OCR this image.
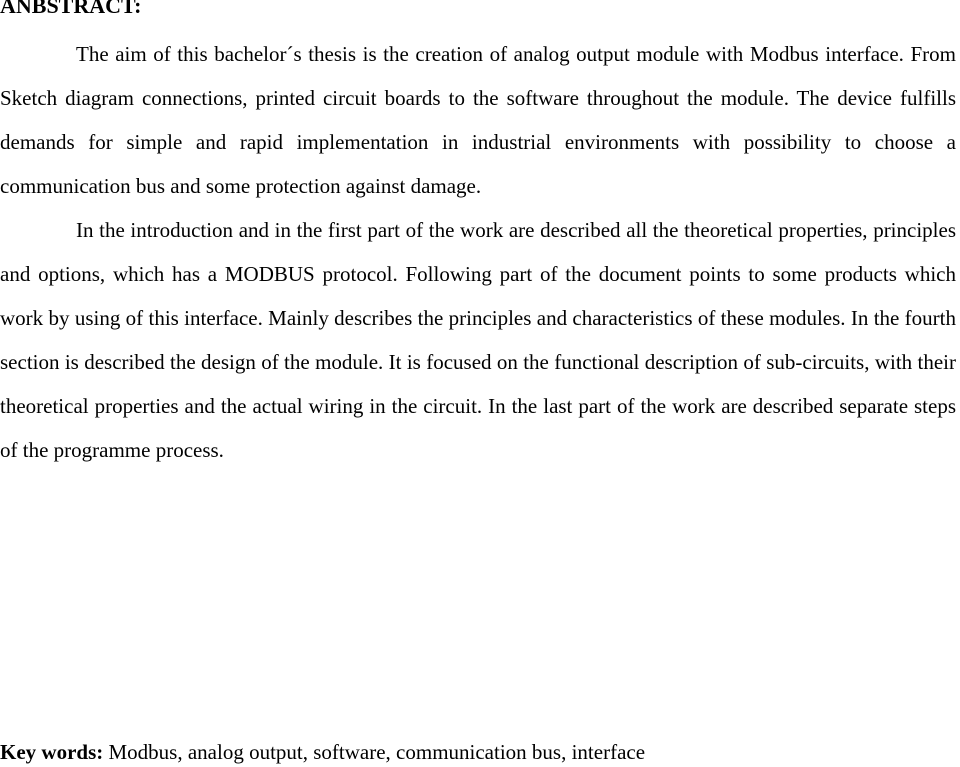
ANBSTRACT:

The aim of this bachelor´s thesis is the creation of analog output module with Modbus interface. From Sketch diagram connections, printed circuit boards to the software throughout the module. The device fulfills demands for simple and rapid implementation in industrial environments with possibility to choose a communication bus and some protection against damage.

In the introduction and in the first part of the work are described all the theoretical properties, principles and options, which has a MODBUS protocol. Following part of the document points to some products which work by using of this interface. Mainly describes the principles and characteristics of these modules. In the fourth section is described the design of the module. It is focused on the functional description of sub-circuits, with their theoretical properties and the actual wiring in the circuit. In the last part of the work are described separate steps of the programme process.

Key words: Modbus, analog output, software, communication bus, interface
